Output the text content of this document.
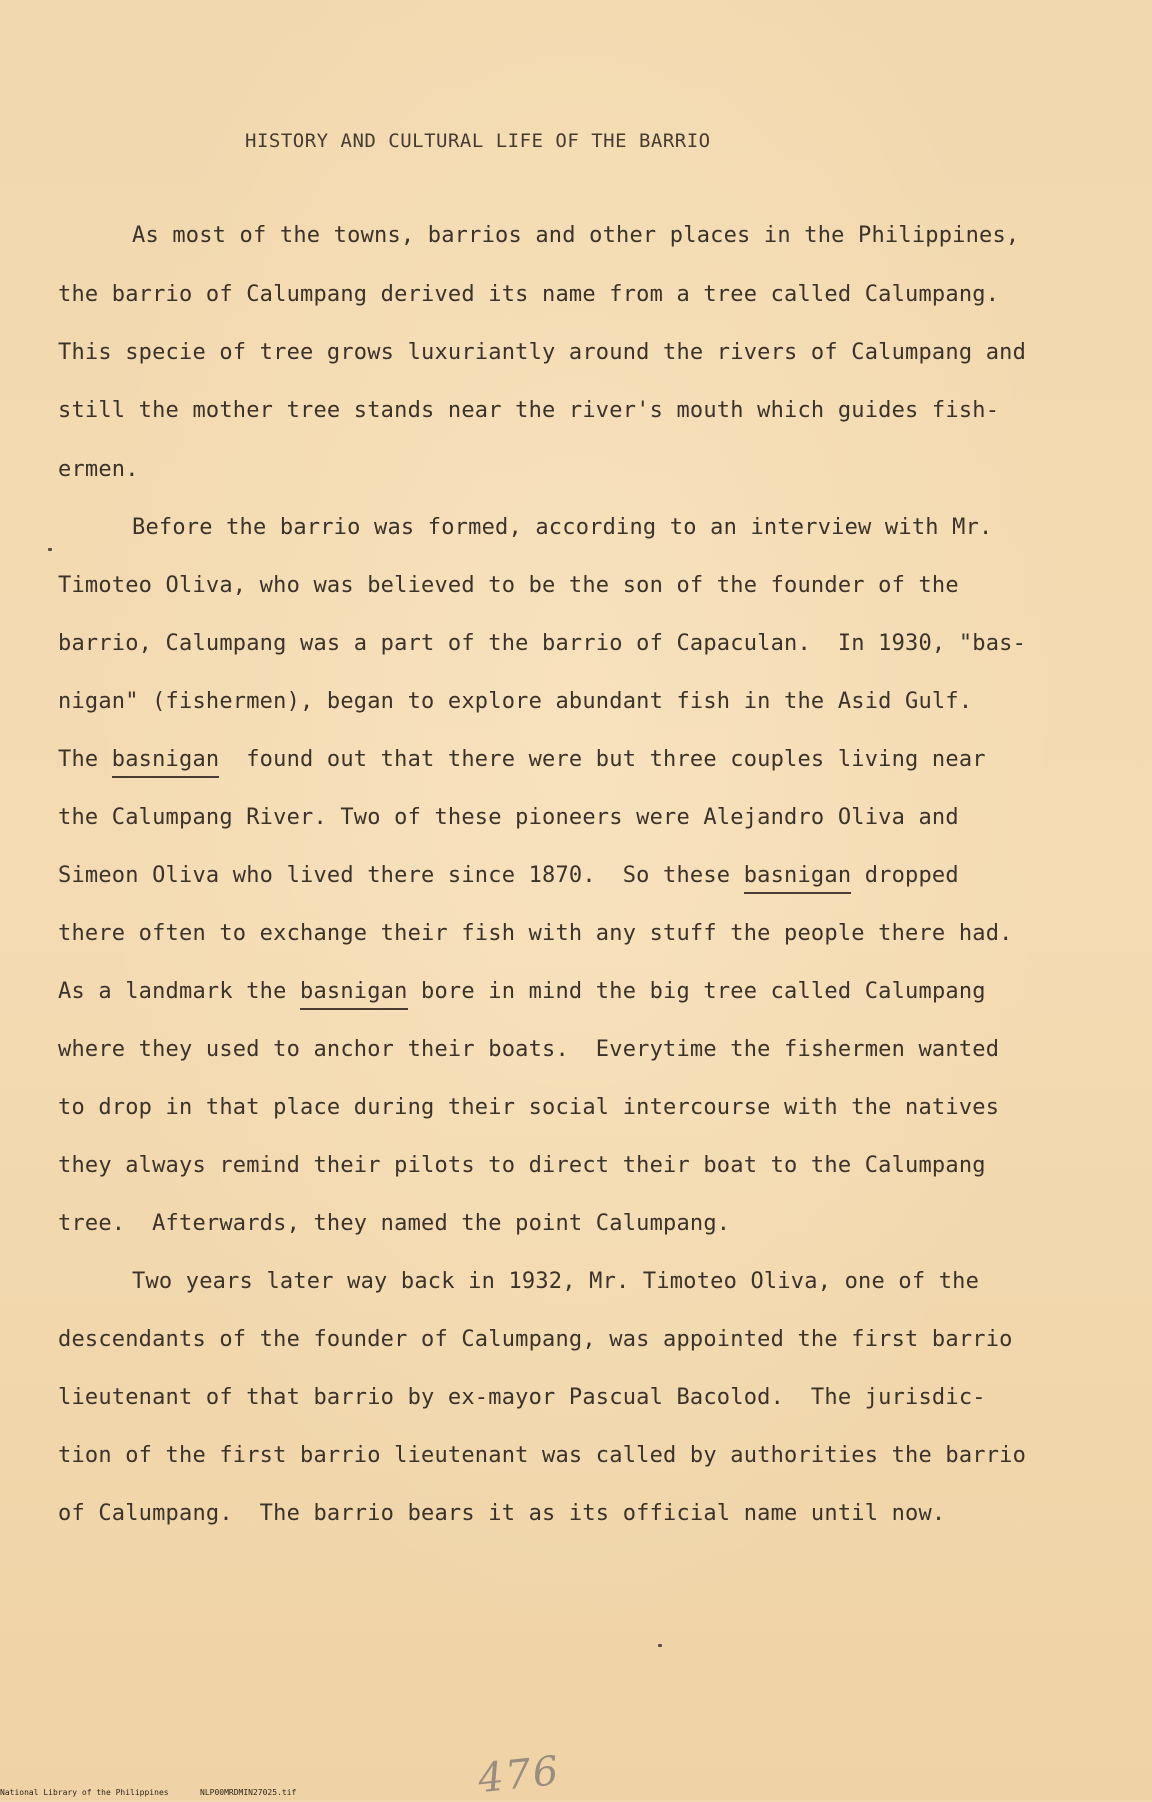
HISTORY AND CULTURAL LIFE OF THE BARRIO
As most of the towns, barrios and other places in the Philippines,
the barrio of Calumpang derived its name from a tree called Calumpang.
This specie of tree grows luxuriantly around the rivers of Calumpang and
still the mother tree stands near the river's mouth which guides fish-
ermen.
Before the barrio was formed, according to an interview with Mr.
Timoteo Oliva, who was believed to be the son of the founder of the
barrio, Calumpang was a part of the barrio of Capaculan.  In 1930, "bas-
nigan" (fishermen), began to explore abundant fish in the Asid Gulf.
The basnigan  found out that there were but three couples living near
the Calumpang River. Two of these pioneers were Alejandro Oliva and
Simeon Oliva who lived there since 1870.  So these basnigan dropped
there often to exchange their fish with any stuff the people there had.
As a landmark the basnigan bore in mind the big tree called Calumpang
where they used to anchor their boats.  Everytime the fishermen wanted
to drop in that place during their social intercourse with the natives
they always remind their pilots to direct their boat to the Calumpang
tree.  Afterwards, they named the point Calumpang.
Two years later way back in 1932, Mr. Timoteo Oliva, one of the
descendants of the founder of Calumpang, was appointed the first barrio
lieutenant of that barrio by ex-mayor Pascual Bacolod.  The jurisdic-
tion of the first barrio lieutenant was called by authorities the barrio
of Calumpang.  The barrio bears it as its official name until now.
476
National Library of the Philippines	NLP00MRDMIN27025.tif
